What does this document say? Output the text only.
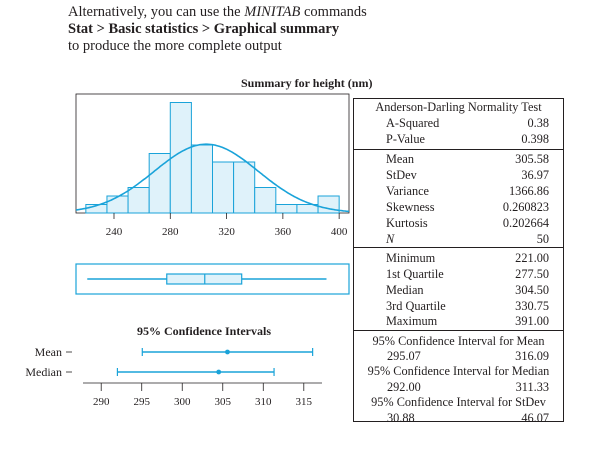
Alternatively, you can use the MINITAB commands
Stat > Basic statistics > Graphical summary
to produce the more complete output
Summary for height (nm)
240	280	320	360	400
Mean
Median
290 295 300 305 310 315
95% Confidence Intervals
Anderson-Darling Normality Test
A-Squared	0.38
P-Value	0.398
Mean	305.58
StDev	36.97
Variance	1366.86
Skewness	0.260823
Kurtosis	0.202664
N	50
Minimum	221.00
1st Quartile	277.50
Median	304.50
3rd Quartile	330.75
Maximum	391.00
95% Confidence Interval for Mean
295.07	316.09
95% Confidence Interval for Median
292.00	311.33
95% Confidence Interval for StDev
30.88	46.07
